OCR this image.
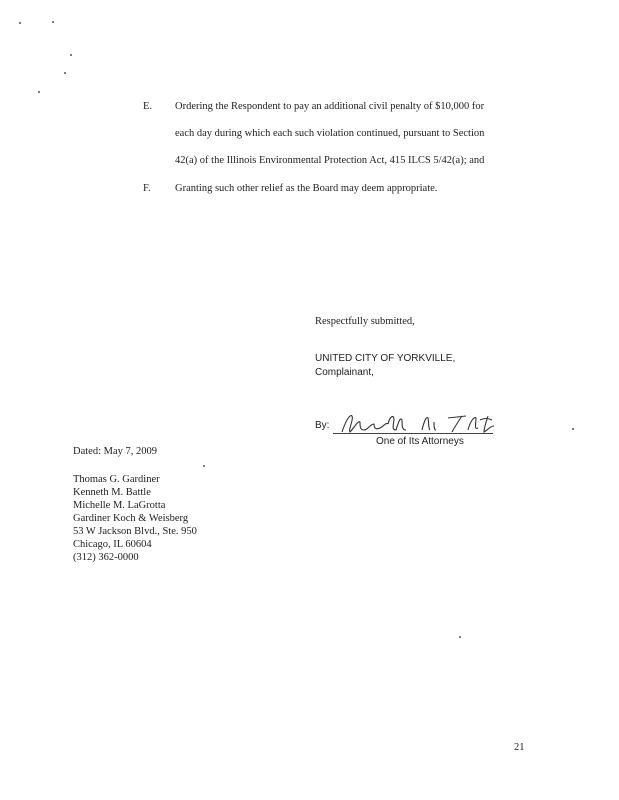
E. Ordering the Respondent to pay an additional civil penalty of $10,000 for
each day during which each such violation continued, pursuant to Section
42(a) of the Illinois Environmental Protection Act, 415 ILCS 5/42(a); and
F. Granting such other relief as the Board may deem appropriate.
Respectfully submitted,
UNITED CITY OF YORKVILLE,
Complainant,
By:
One of Its Attorneys
Dated: May 7, 2009
Thomas G. Gardiner
Kenneth M. Battle
Michelle M. LaGrotta
Gardiner Koch & Weisberg
53 W Jackson Blvd., Ste. 950
Chicago, IL 60604
(312) 362-0000
21
